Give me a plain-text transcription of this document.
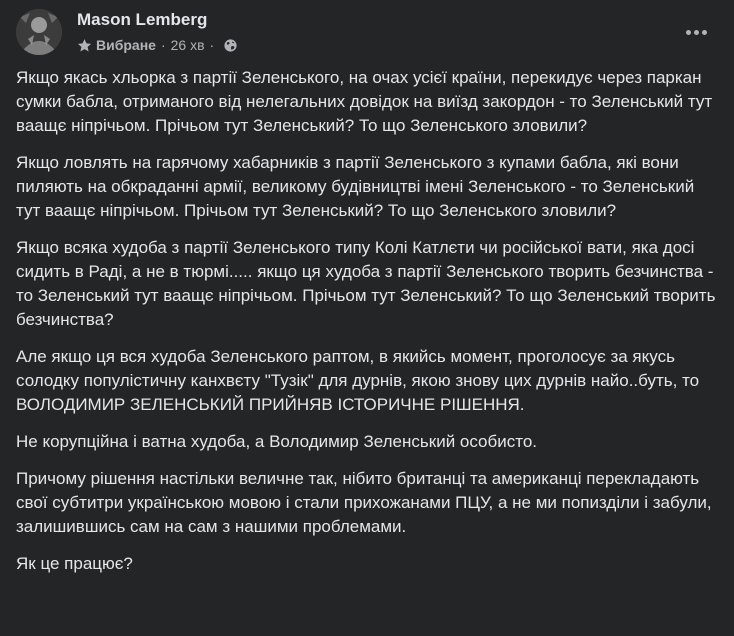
Mason Lemberg
Вибране · 26 хв ·

Якщо якась хльорка з партії Зеленського, на очах усієї країни, перекидує через паркан сумки бабла, отриманого від нелегальних довідок на виїзд закордон - то Зеленський тут ваащє ніпрічьом. Прічьом тут Зеленський? То що Зеленського зловили?

Якщо ловлять на гарячому хабарників з партії Зеленського з купами бабла, які вони пиляють на обкраданні армії, великому будівництві імені Зеленського - то Зеленський тут ваащє ніпрічьом. Прічьом тут Зеленський? То що Зеленського зловили?

Якщо всяка худоба з партії Зеленського типу Колі Катлєти чи російської вати, яка досі сидить в Раді, а не в тюрмі..... якщо ця худоба з партії Зеленського творить безчинства - то Зеленський тут ваащє ніпрічьом. Прічьом тут Зеленський? То що Зеленський творить безчинства?

Але якщо ця вся худоба Зеленського раптом, в якийсь момент, проголосує за якусь солодку популістичну канхвєту "Тузік" для дурнів, якою знову цих дурнів найо..буть, то ВОЛОДИМИР ЗЕЛЕНСЬКИЙ ПРИЙНЯВ ІСТОРИЧНЕ РІШЕННЯ.

Не корупційна і ватна худоба, а Володимир Зеленський особисто.

Причому рішення настільки величне так, нібито британці та американці перекладають свої субтитри українською мовою і стали прихожанами ПЦУ, а не ми попизділи і забули, залишившись сам на сам з нашими проблемами.

Як це працює?
